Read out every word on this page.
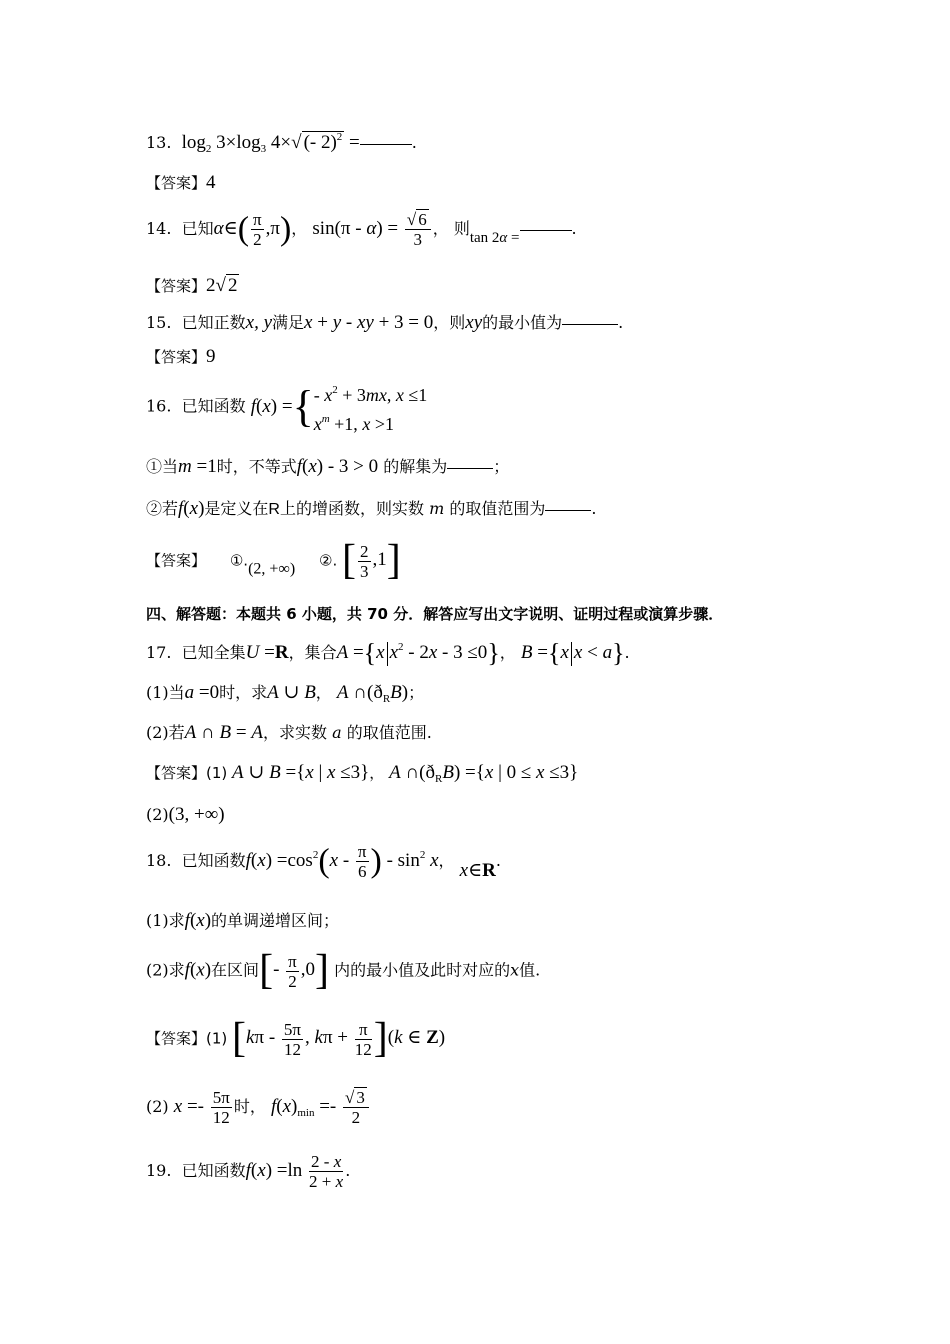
13. $\log_2 3\times\log_3$ 4×√ (- 2)$^2$ =	.
【答案】4
14. 已知α∈( $\frac{\pi}{2} ,\pi$)， $\sin(\pi - \alpha) = \frac{√ 6}{3}$ ， 则tan 2α =	.
【答案】2√ 2
15. 已知正数x, y满足x + y - xy + 3 = 0，则xy的最小值为	.
【答案】9
16. 已知函数 f ( x ) = { - $x^2 + 3mx$, x ≤1
$x^m +1$, x >1
①当m =1时，不等式f(x) - 3 > 0 的解集为	；
②若f(x)是定义在R上的增函数，则实数 m 的取值范围为	.
【答案】 ①.(2, +∞) ②. [ $\frac{2}{3} ,1$]
四、解答题：本题共 6 小题，共 70 分．解答应写出文字说明、证明过程或演算步骤．
17. 已知全集U =R，集合A ={x $x^2 - 2x - 3 \le 0$}， B ={x x < a}.
(1)当a =0时，求A ∪ B， A $\cap(ð_RB)$；
(2)若A ∩ B = A，求实数 a 的取值范围.
【答案】(1) A ∪ B ={x | x ≤3}， A $\cap(ð_RB) =\{x$ | 0 ≤ x ≤3}
(2)(3, +∞)
18. 已知函数$f(x) =\cos^2(x - \frac{\pi}{6}$ ) - $\sin^2 x$， x∈R.
(1)求f(x)的单调递增区间；
(2)求f(x)在区间[- $\frac{\pi}{2} ,0$] 内的最小值及此时对应的x值.
【答案】(1) [$k\pi - \frac{5\pi}{12}$ , $k\pi + \frac{\pi}{12} ](k$ ∈ Z)
(2) $x =- \frac{5\pi}{12}$ 时， $f(x)_{min} =- \frac{√ 3}{2}$
19. 已知函数$f(x) =\ln \frac{2 - x}{2 + x}$ .
